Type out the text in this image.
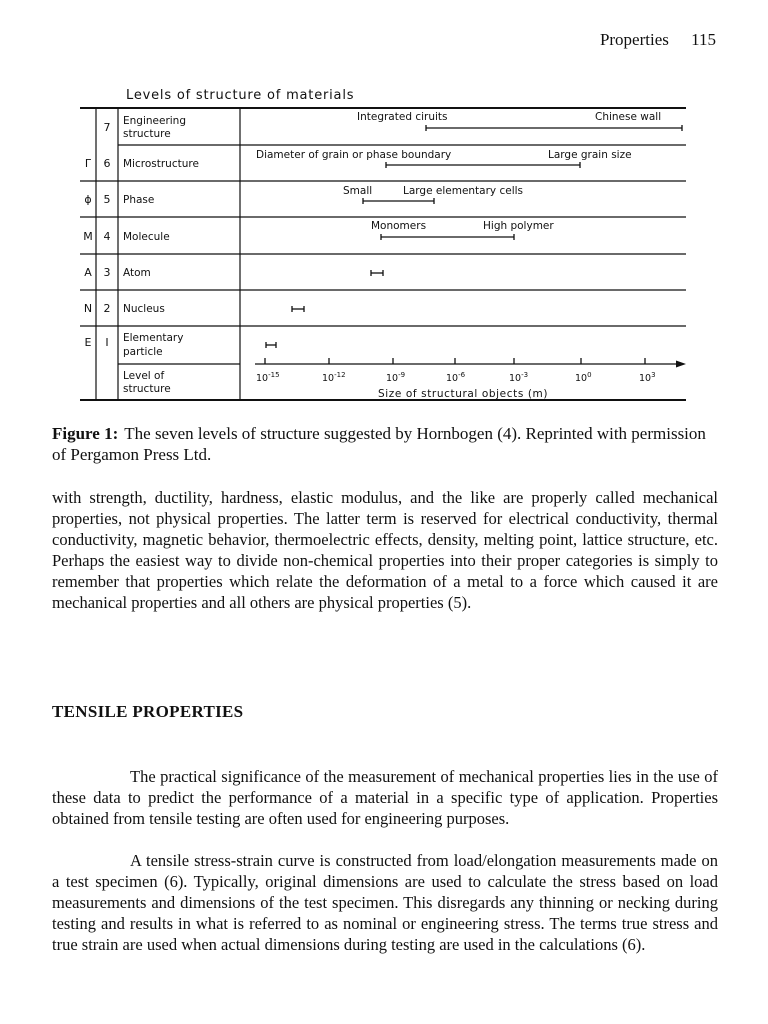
Properties 115
Levels of structure of materials
7 Engineering
structure
Γ 6 Microstructure
ϕ 5 Phase
M 4 Molecule
A 3 Atom
N 2 Nucleus
E I Elementary
particle
Level of
structure
Integrated ciruits	Chinese wall
Diameter of grain or phase boundary	Large grain size
Small	Large elementary cells
Monomers	High polymer
$10^{-15}$	$10^{-12}$	$10^{-9}$	$10^{-6}$	$10^{-3}$	$10^0$	$10^3$
Size of structural objects (m)

Figure 1: The seven levels of structure suggested by Hornbogen (4). Reprinted with permission of Pergamon Press Ltd.

with strength, ductility, hardness, elastic modulus, and the like are properly called mechanical properties, not physical properties. The latter term is reserved for electrical conductivity, thermal conductivity, magnetic behavior, thermoelectric effects, density, melting point, lattice structure, etc. Perhaps the easiest way to divide non-chemical properties into their proper categories is simply to remember that properties which relate the deformation of a metal to a force which caused it are mechanical properties and all others are physical properties (5).

TENSILE PROPERTIES

The practical significance of the measurement of mechanical properties lies in the use of these data to predict the performance of a material in a specific type of application. Properties obtained from tensile testing are often used for engineering purposes.

A tensile stress-strain curve is constructed from load/elongation measurements made on a test specimen (6). Typically, original dimensions are used to calculate the stress based on load measurements and dimensions of the test specimen. This disregards any thinning or necking during testing and results in what is referred to as nominal or engineering stress. The terms true stress and true strain are used when actual dimensions during testing are used in the calculations (6).
